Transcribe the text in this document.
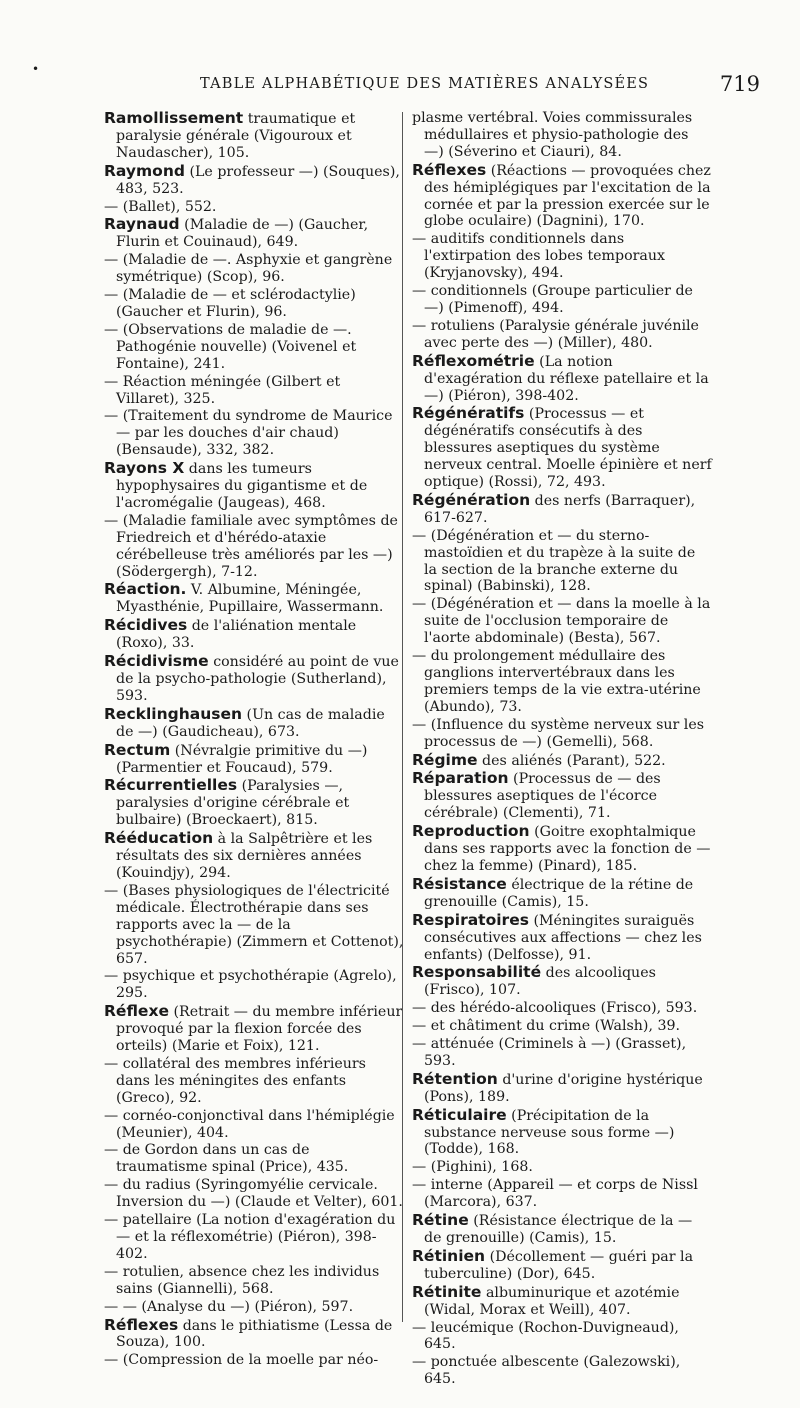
•
TABLE ALPHABÉTIQUE DES MATIÈRES ANALYSÉES	719
Ramollissement traumatique et paralysie générale (Vigouroux et Naudascher), 105.
Raymond (Le professeur —) (Souques), 483, 523.
— (Ballet), 552.
Raynaud (Maladie de —) (Gaucher, Flurin et Couinaud), 649.
— (Maladie de —. Asphyxie et gangrène symétrique) (Scop), 96.
— (Maladie de — et sclérodactylie) (Gaucher et Flurin), 96.
— (Observations de maladie de —. Pathogénie nouvelle) (Voivenel et Fontaine), 241.
— Réaction méningée (Gilbert et Villaret), 325.
— (Traitement du syndrome de Maurice — par les douches d'air chaud) (Bensaude), 332, 382.
Rayons X dans les tumeurs hypophysaires du gigantisme et de l'acromégalie (Jaugeas), 468.
— (Maladie familiale avec symptômes de Friedreich et d'hérédo-ataxie cérébelleuse très améliorés par les —) (Södergergh), 7-12.
Réaction. V. Albumine, Méningée, Myasthénie, Pupillaire, Wassermann.
Récidives de l'aliénation mentale (Roxo), 33.
Récidivisme considéré au point de vue de la psycho-pathologie (Sutherland), 593.
Recklinghausen (Un cas de maladie de —) (Gaudicheau), 673.
Rectum (Névralgie primitive du —) (Parmentier et Foucaud), 579.
Récurrentielles (Paralysies —, paralysies d'origine cérébrale et bulbaire) (Broeckaert), 815.
Rééducation à la Salpêtrière et les résultats des six dernières années (Kouindjy), 294.
— (Bases physiologiques de l'électricité médicale. Électrothérapie dans ses rapports avec la — de la psychothérapie) (Zimmern et Cottenot), 657.
— psychique et psychothérapie (Agrelo), 295.
Réflexe (Retrait — du membre inférieur provoqué par la flexion forcée des orteils) (Marie et Foix), 121.
— collatéral des membres inférieurs dans les méningites des enfants (Greco), 92.
— cornéo-conjonctival dans l'hémiplégie (Meunier), 404.
— de Gordon dans un cas de traumatisme spinal (Price), 435.
— du radius (Syringomyélie cervicale. Inversion du —) (Claude et Velter), 601.
— patellaire (La notion d'exagération du — et la réflexométrie) (Piéron), 398-402.
— rotulien, absence chez les individus sains (Giannelli), 568.
— — (Analyse du —) (Piéron), 597.
Réflexes dans le pithiatisme (Lessa de Souza), 100.
— (Compression de la moelle par néo-
plasme vertébral. Voies commissurales médullaires et physio-pathologie des —) (Séverino et Ciauri), 84.
Réflexes (Réactions — provoquées chez des hémiplégiques par l'excitation de la cornée et par la pression exercée sur le globe oculaire) (Dagnini), 170.
— auditifs conditionnels dans l'extirpation des lobes temporaux (Kryjanovsky), 494.
— conditionnels (Groupe particulier de —) (Pimenoff), 494.
— rotuliens (Paralysie générale juvénile avec perte des —) (Miller), 480.
Réflexométrie (La notion d'exagération du réflexe patellaire et la —) (Piéron), 398-402.
Régénératifs (Processus — et dégénératifs consécutifs à des blessures aseptiques du système nerveux central. Moelle épinière et nerf optique) (Rossi), 72, 493.
Régénération des nerfs (Barraquer), 617-627.
— (Dégénération et — du sterno-mastoïdien et du trapèze à la suite de la section de la branche externe du spinal) (Babinski), 128.
— (Dégénération et — dans la moelle à la suite de l'occlusion temporaire de l'aorte abdominale) (Besta), 567.
— du prolongement médullaire des ganglions intervertébraux dans les premiers temps de la vie extra-utérine (Abundo), 73.
— (Influence du système nerveux sur les processus de —) (Gemelli), 568.
Régime des aliénés (Parant), 522.
Réparation (Processus de — des blessures aseptiques de l'écorce cérébrale) (Clementi), 71.
Reproduction (Goitre exophtalmique dans ses rapports avec la fonction de — chez la femme) (Pinard), 185.
Résistance électrique de la rétine de grenouille (Camis), 15.
Respiratoires (Méningites suraiguës consécutives aux affections — chez les enfants) (Delfosse), 91.
Responsabilité des alcooliques (Frisco), 107.
— des hérédo-alcooliques (Frisco), 593.
— et châtiment du crime (Walsh), 39.
— atténuée (Criminels à —) (Grasset), 593.
Rétention d'urine d'origine hystérique (Pons), 189.
Réticulaire (Précipitation de la substance nerveuse sous forme —) (Todde), 168.
— (Pighini), 168.
— interne (Appareil — et corps de Nissl (Marcora), 637.
Rétine (Résistance électrique de la — de grenouille) (Camis), 15.
Rétinien (Décollement — guéri par la tuberculine) (Dor), 645.
Rétinite albuminurique et azotémie (Widal, Morax et Weill), 407.
— leucémique (Rochon-Duvigneaud), 645.
— ponctuée albescente (Galezowski), 645.
